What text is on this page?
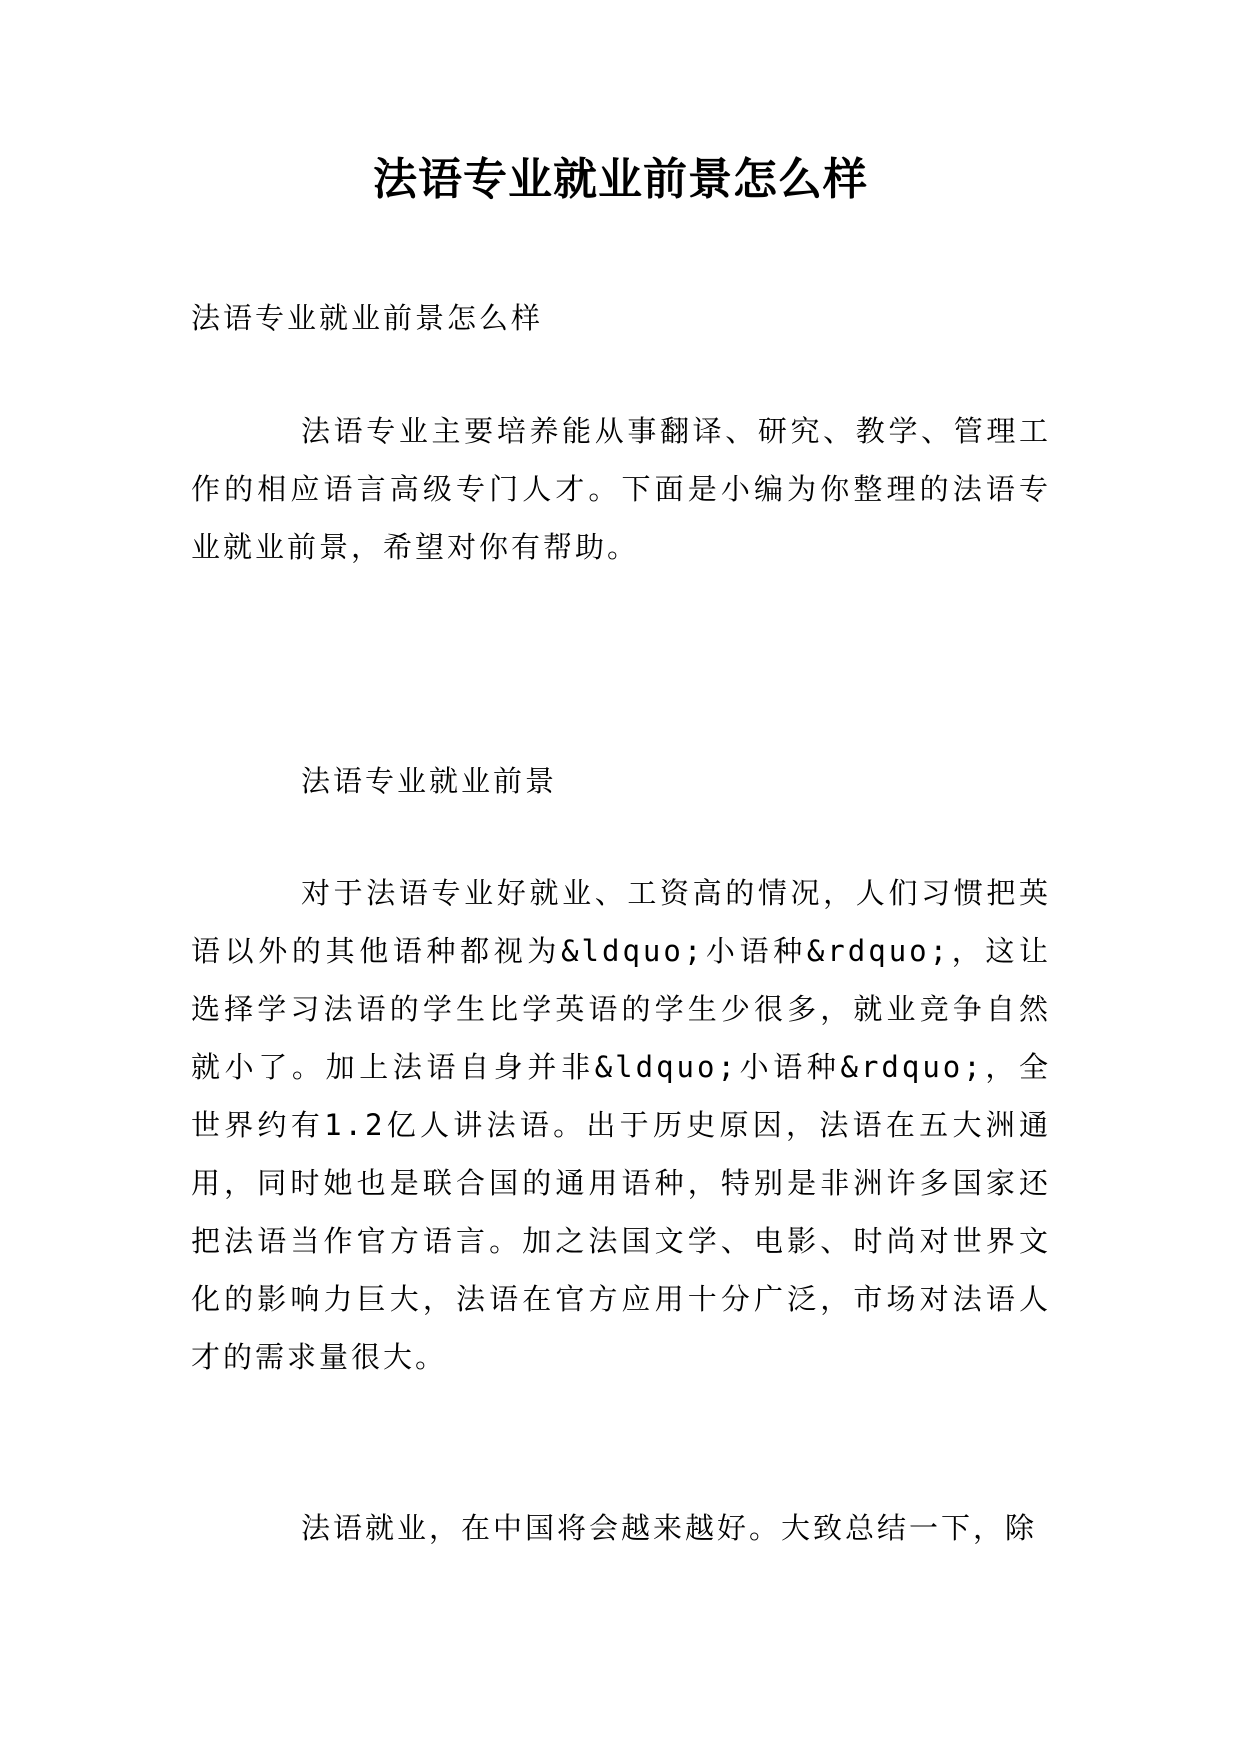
法语专业就业前景怎么样

法语专业就业前景怎么样

法语专业主要培养能从事翻译、研究、教学、管理工作的相应语言高级专门人才。下面是小编为你整理的法语专业就业前景，希望对你有帮助。

法语专业就业前景

对于法语专业好就业、工资高的情况，人们习惯把英语以外的其他语种都视为&ldquo;小语种&rdquo;，这让选择学习法语的学生比学英语的学生少很多，就业竞争自然就小了。加上法语自身并非&ldquo;小语种&rdquo;，全世界约有1.2亿人讲法语。出于历史原因，法语在五大洲通用，同时她也是联合国的通用语种，特别是非洲许多国家还把法语当作官方语言。加之法国文学、电影、时尚对世界文化的影响力巨大，法语在官方应用十分广泛，市场对法语人才的需求量很大。

法语就业，在中国将会越来越好。大致总结一下，除
